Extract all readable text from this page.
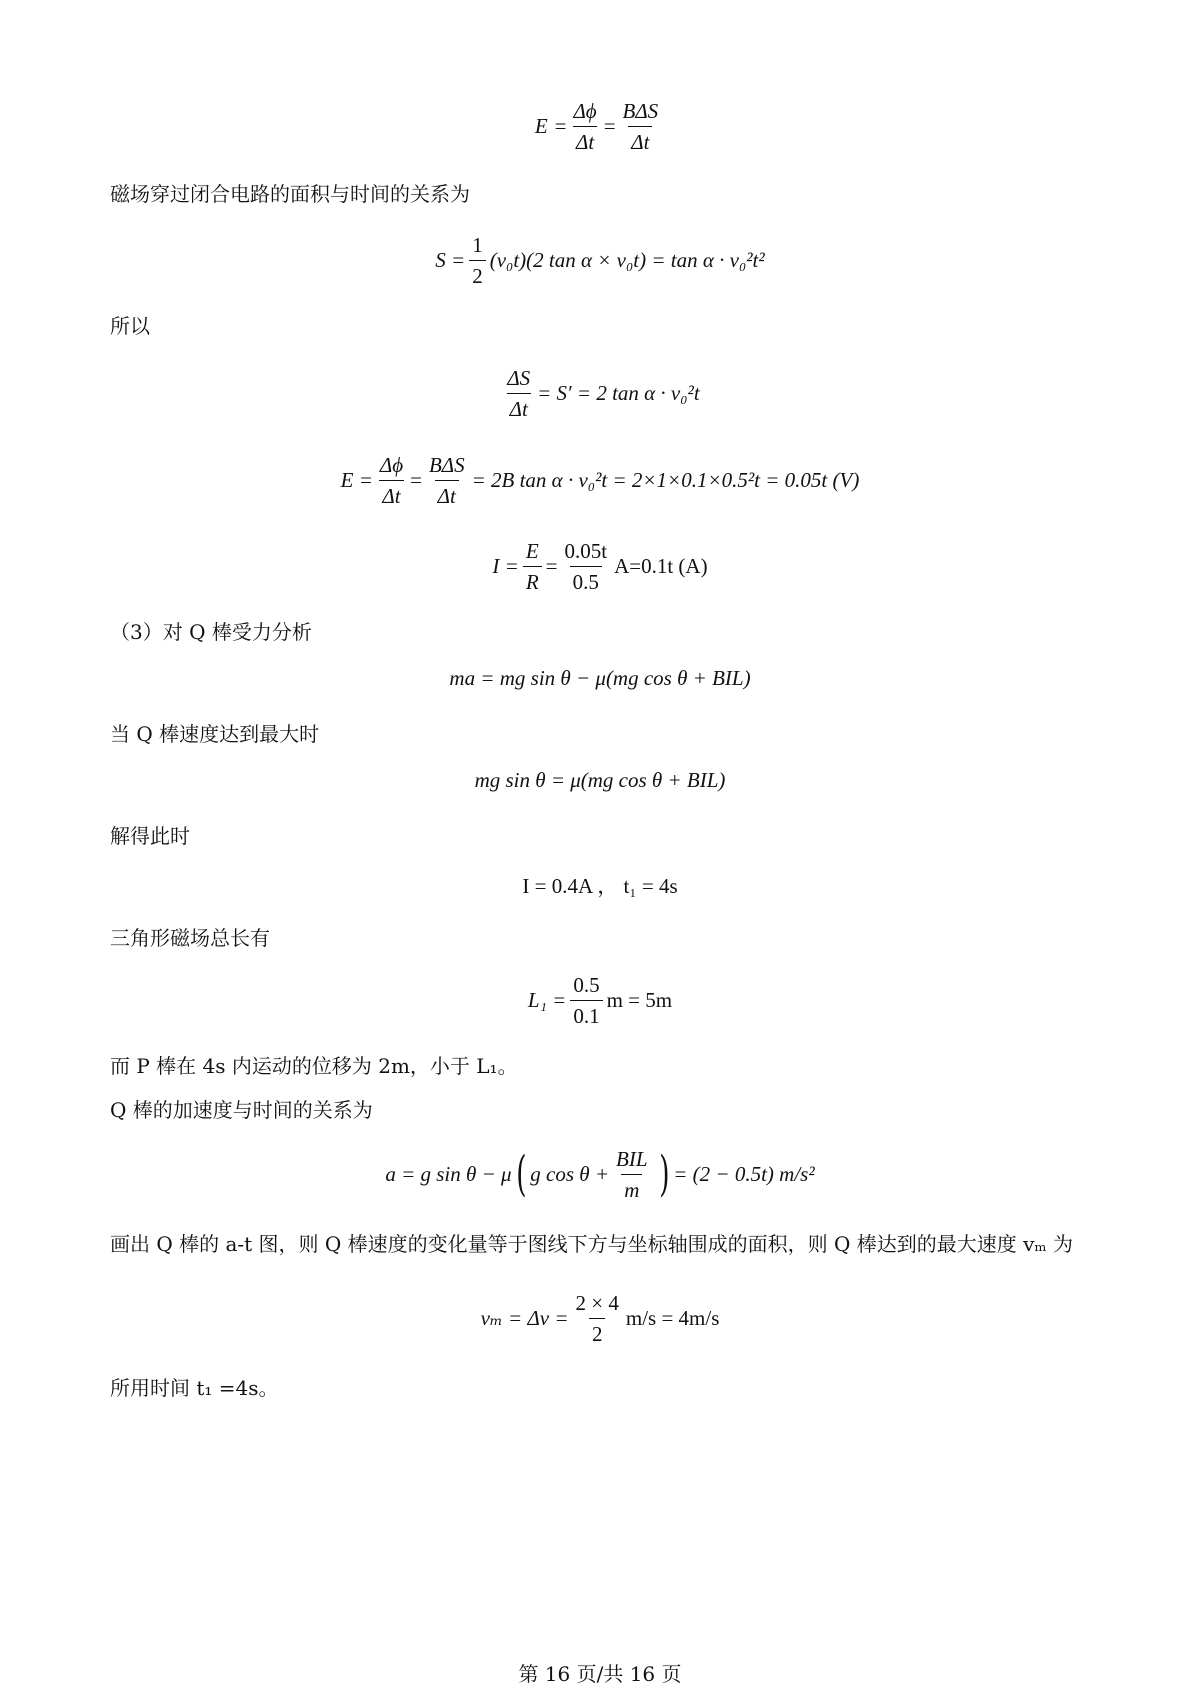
$E = \frac{\Delta\phi}{\Delta t} = \frac{\text{BΔS}}{\Delta t}$
磁场穿过闭合电路的面积与时间的关系为
$S = \frac{1}{2} (v_0t)(2$ tan α × v₀t) = tan α · v₀²t²
所以
$\frac{\Delta S}{\Delta t} = S' = 2$ tan α · v₀²t
$E = \frac{\Delta\phi}{\Delta t} = \frac{\text{BΔS}}{\Delta t} = 2B$ tan α · v₀²t = 2×1×0.1×0.5²t = 0.05t (V)
$I = \frac{E}{R} = \frac{0.05t}{0.5} A=0.1t$ (A)
（3）对 Q 棒受力分析
ma = mg sin θ − μ(mg cos θ + BIL)
当 Q 棒速度达到最大时
mg sin θ = μ(mg cos θ + BIL)
解得此时
I = 0.4A ， t₁ = 4s
三角形磁场总长有
$L_1 = \frac{0.5}{0.1}$ m = 5m
而 P 棒在 4s 内运动的位移为 2m，小于 L₁。
Q 棒的加速度与时间的关系为
a = g sin θ − μ ( g $\cos \theta + \frac{\text{BIL}}{m}$ ) = (2 − 0.5t) m/s²
画出 Q 棒的 a-t 图，则 Q 棒速度的变化量等于图线下方与坐标轴围成的面积，则 Q 棒达到的最大速度 vₘ 为
$v_m = \Delta v = \frac{2 \times 4}{2} m/s = 4m/s$
所用时间 t₁ =4s。
第 16 页/共 16 页
